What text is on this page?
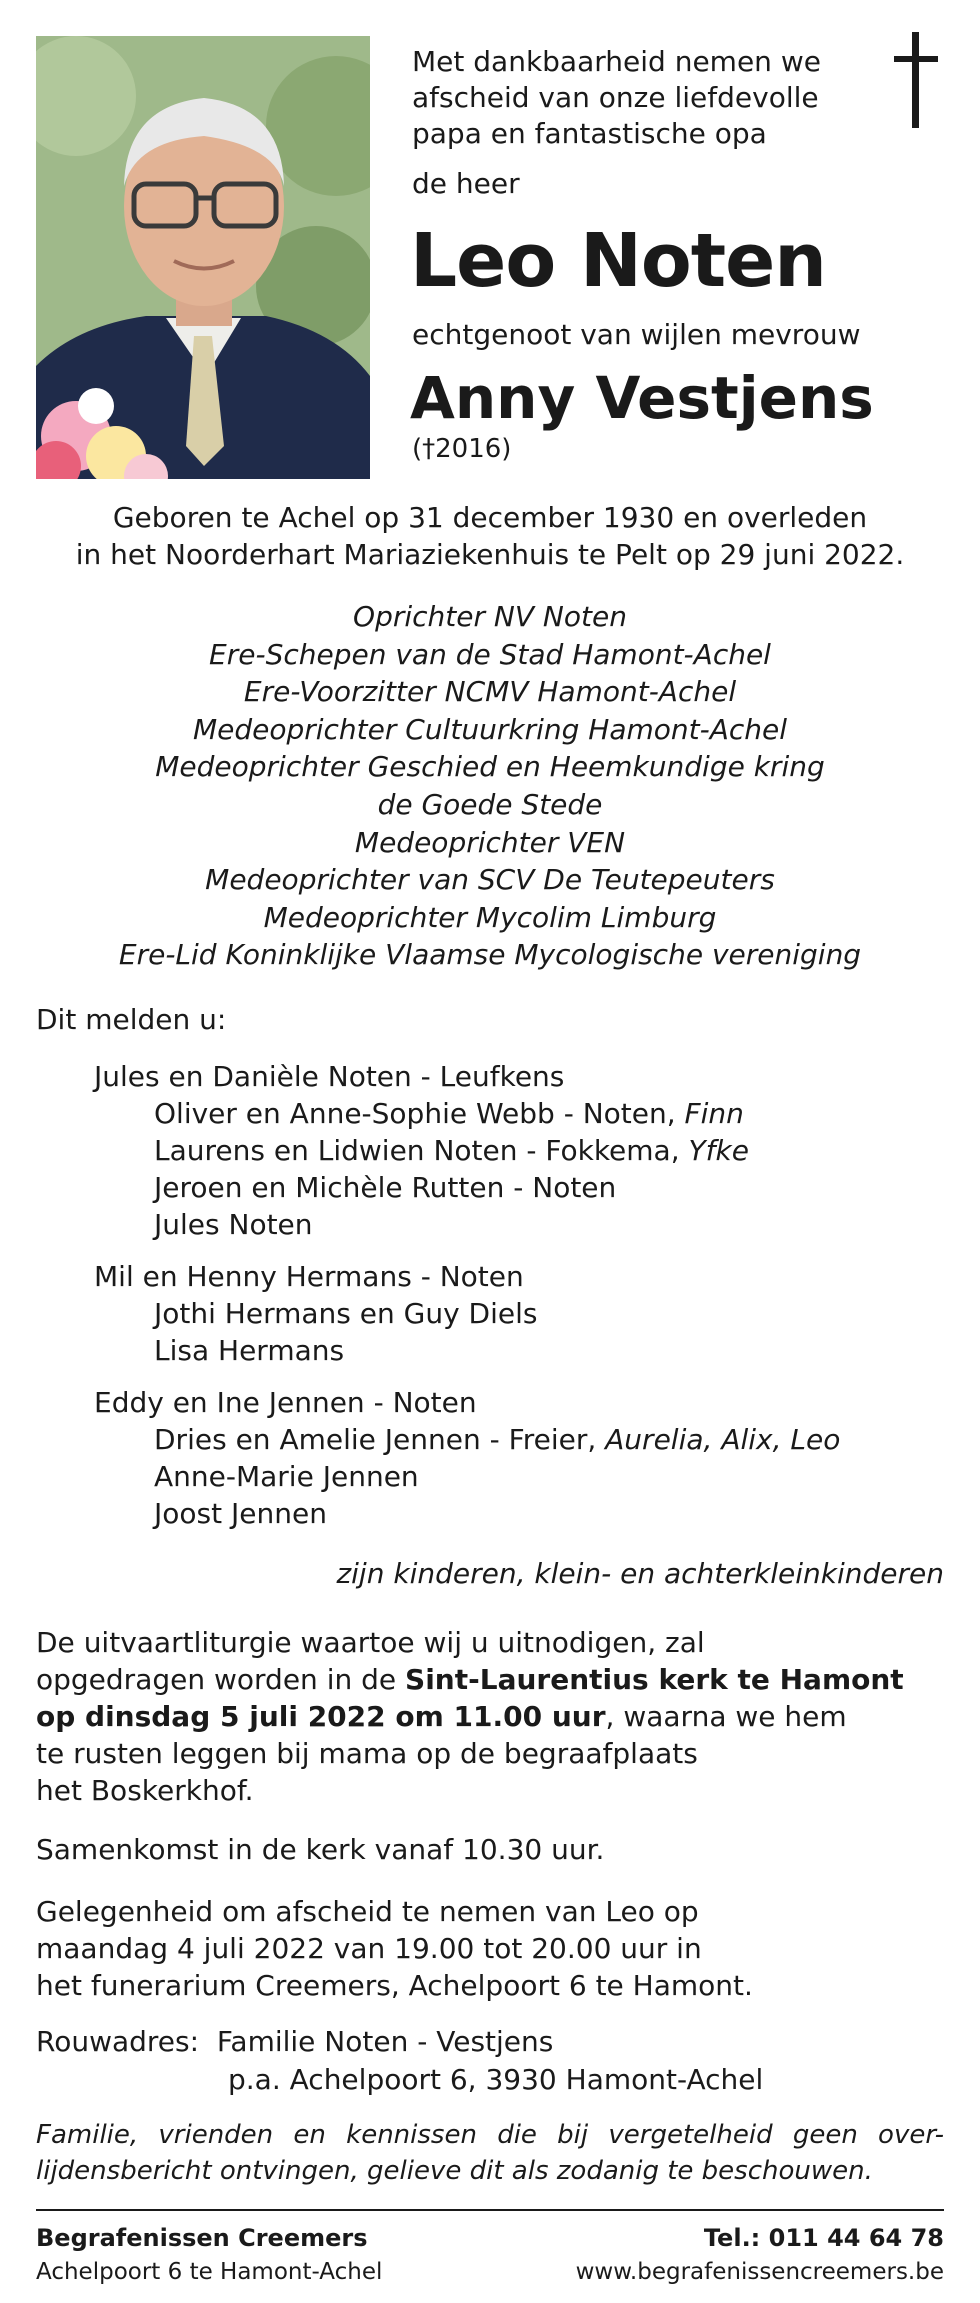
Met dankbaarheid nemen we
afscheid van onze liefdevolle
papa en fantastische opa
de heer
Leo Noten
echtgenoot van wijlen mevrouw
Anny Vestjens
(†2016)
Geboren te Achel op 31 december 1930 en overleden
in het Noorderhart Mariaziekenhuis te Pelt op 29 juni 2022.
Oprichter NV Noten
Ere-Schepen van de Stad Hamont-Achel
Ere-Voorzitter NCMV Hamont-Achel
Medeoprichter Cultuurkring Hamont-Achel
Medeoprichter Geschied en Heemkundige kring
de Goede Stede
Medeoprichter VEN
Medeoprichter van SCV De Teutepeuters
Medeoprichter Mycolim Limburg
Ere-Lid Koninklijke Vlaamse Mycologische vereniging
Dit melden u:
Jules en Danièle Noten - Leufkens
Oliver en Anne-Sophie Webb - Noten, Finn
Laurens en Lidwien Noten - Fokkema, Yfke
Jeroen en Michèle Rutten - Noten
Jules Noten
Mil en Henny Hermans - Noten
Jothi Hermans en Guy Diels
Lisa Hermans
Eddy en Ine Jennen - Noten
Dries en Amelie Jennen - Freier, Aurelia, Alix, Leo
Anne-Marie Jennen
Joost Jennen
zijn kinderen, klein- en achterkleinkinderen
De uitvaartliturgie waartoe wij u uitnodigen, zal
opgedragen worden in de Sint-Laurentius kerk te Hamont
op dinsdag 5 juli 2022 om 11.00 uur, waarna we hem
te rusten leggen bij mama op de begraafplaats
het Boskerkhof.
Samenkomst in de kerk vanaf 10.30 uur.
Gelegenheid om afscheid te nemen van Leo op
maandag 4 juli 2022 van 19.00 tot 20.00 uur in
het funerarium Creemers, Achelpoort 6 te Hamont.
Rouwadres: Familie Noten - Vestjens
p.a. Achelpoort 6, 3930 Hamont-Achel
Familie, vrienden en kennissen die bij vergetelheid geen over-
lijdensbericht ontvingen, gelieve dit als zodanig te beschouwen.
Begrafenissen Creemers
Achelpoort 6 te Hamont-Achel
Tel.: 011 44 64 78
www.begrafenissencreemers.be
